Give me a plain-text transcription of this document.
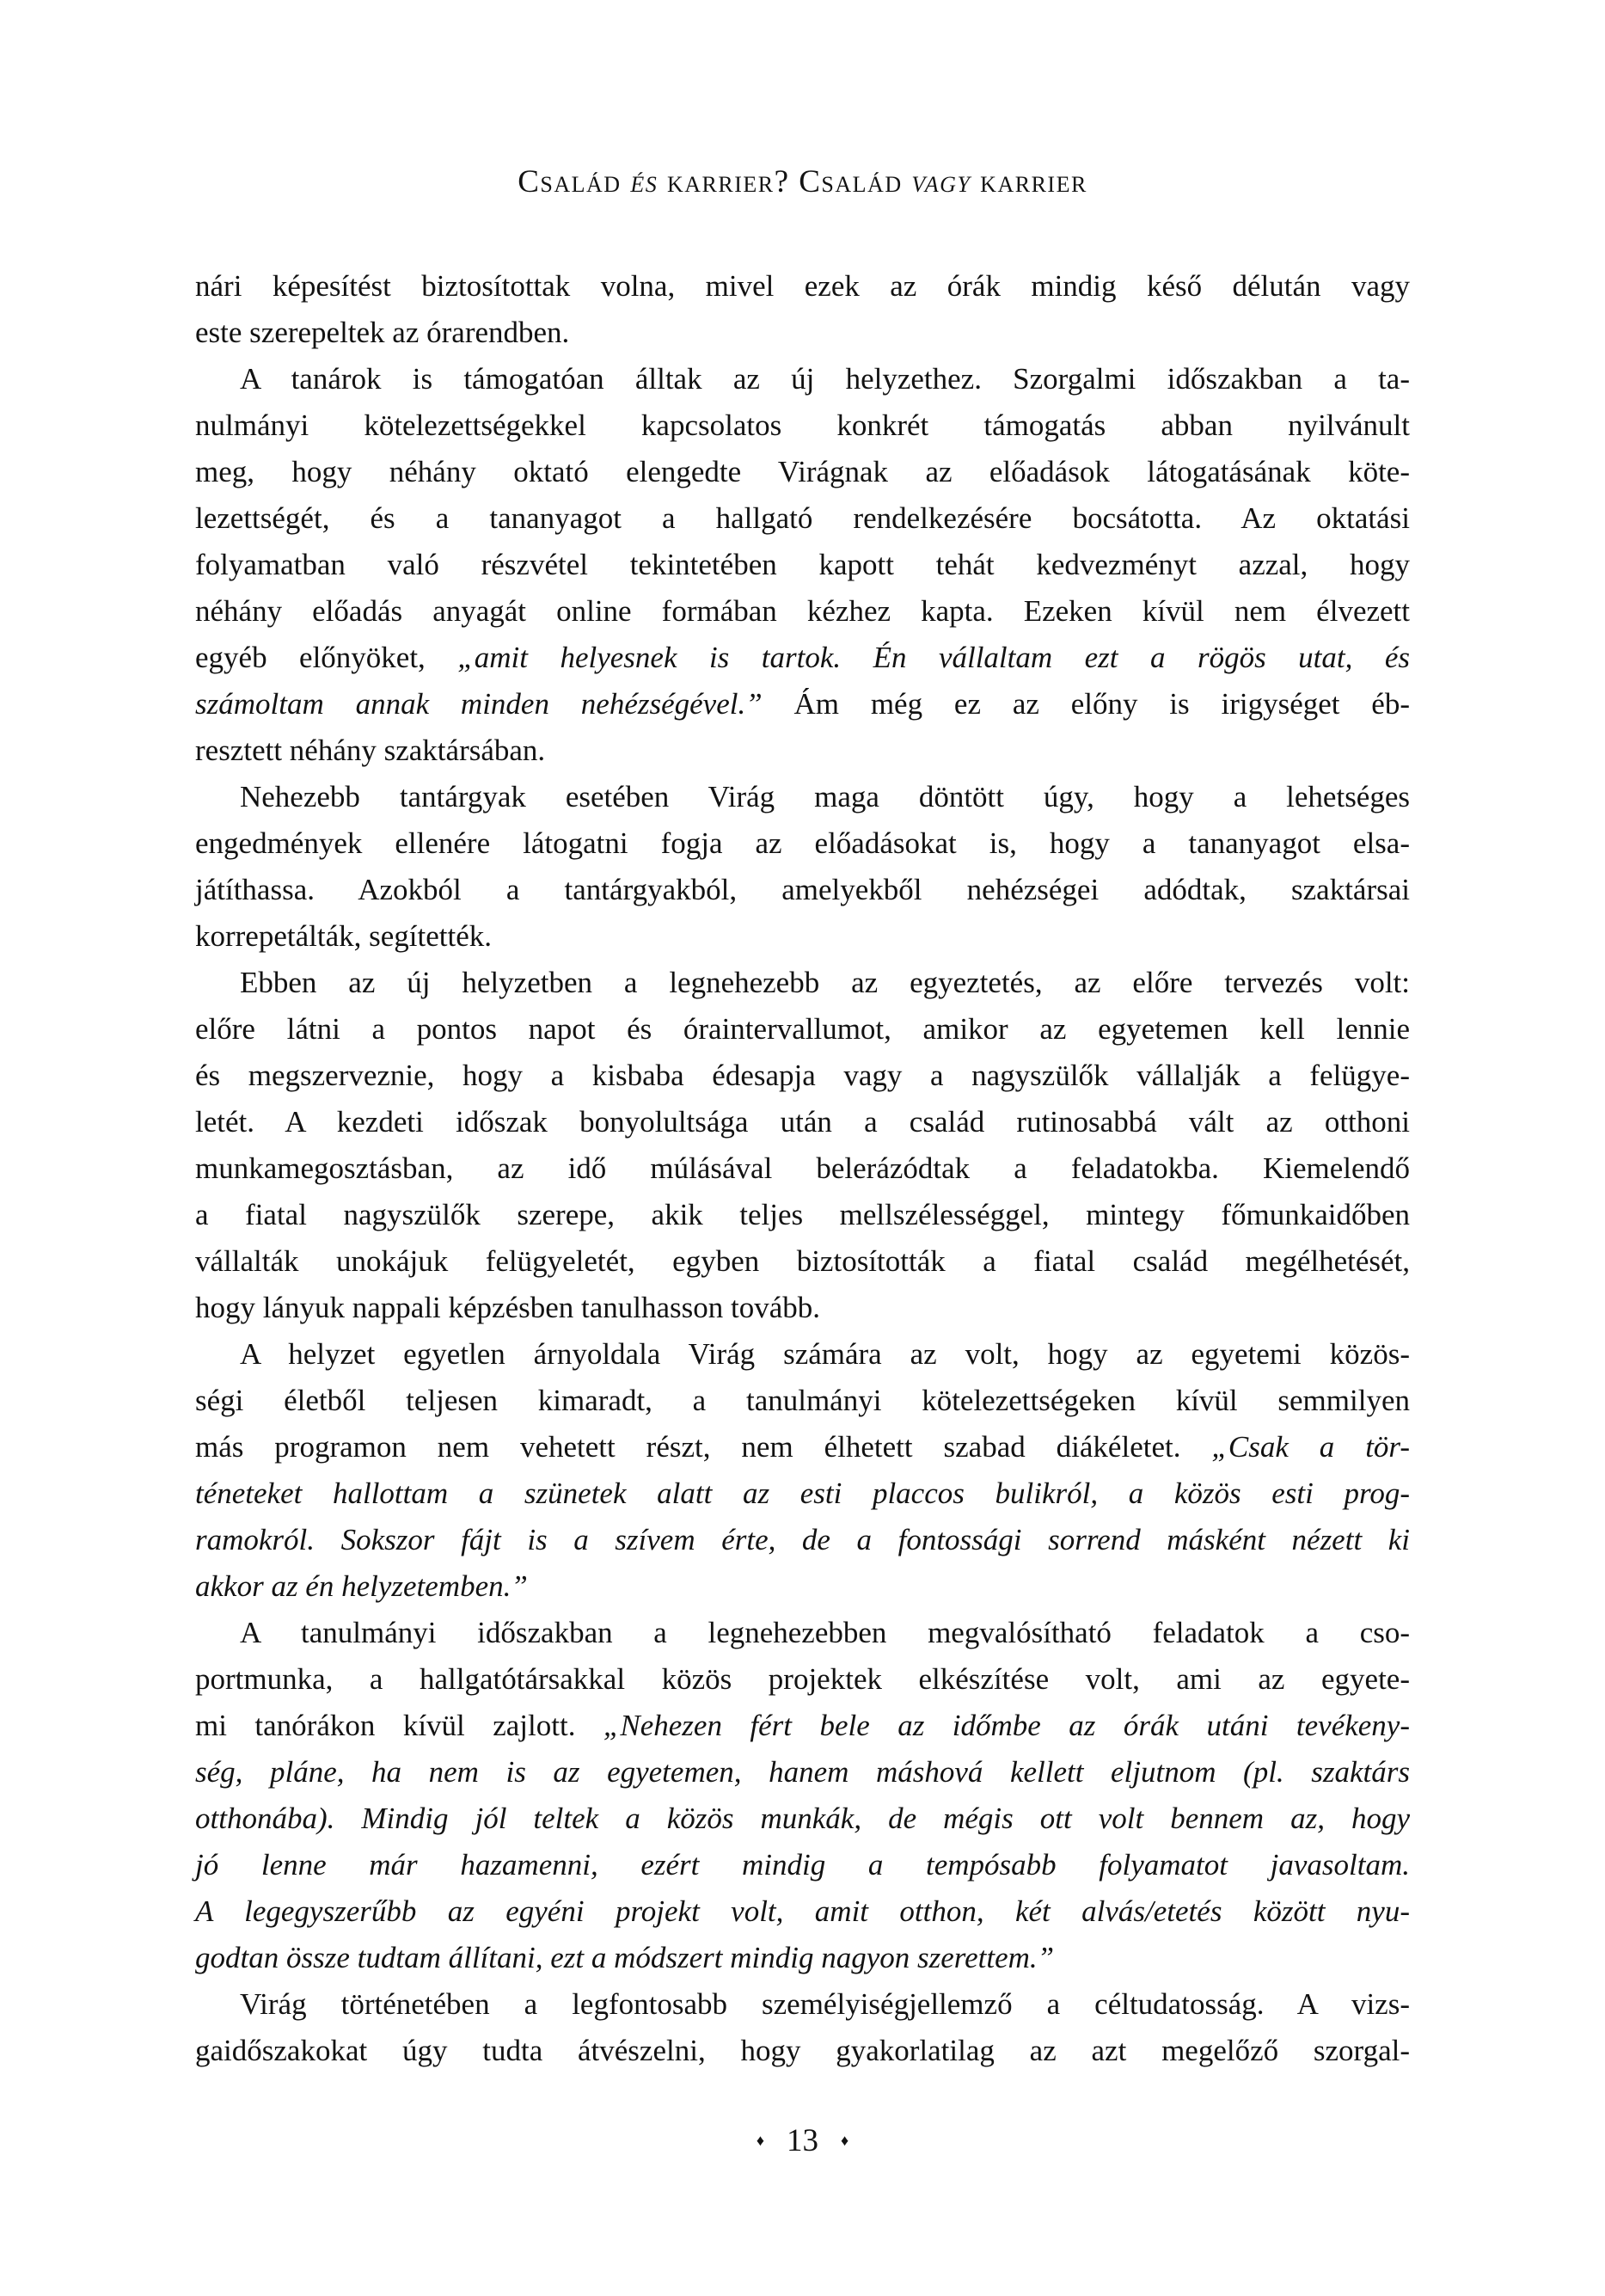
Család és karrier? Család vagy karrier
nári képesítést biztosítottak volna, mivel ezek az órák mindig késő délután vagy
este szerepeltek az órarendben.
A tanárok is támogatóan álltak az új helyzethez. Szorgalmi időszakban a ta-
nulmányi kötelezettségekkel kapcsolatos konkrét támogatás abban nyilvánult
meg, hogy néhány oktató elengedte Virágnak az előadások látogatásának köte-
lezettségét, és a tananyagot a hallgató rendelkezésére bocsátotta. Az oktatási
folyamatban való részvétel tekintetében kapott tehát kedvezményt azzal, hogy
néhány előadás anyagát online formában kézhez kapta. Ezeken kívül nem élvezett
egyéb előnyöket, „amit helyesnek is tartok. Én vállaltam ezt a rögös utat, és
számoltam annak minden nehézségével.” Ám még ez az előny is irigységet éb-
resztett néhány szaktársában.
Nehezebb tantárgyak esetében Virág maga döntött úgy, hogy a lehetséges
engedmények ellenére látogatni fogja az előadásokat is, hogy a tananyagot elsa-
játíthassa. Azokból a tantárgyakból, amelyekből nehézségei adódtak, szaktársai
korrepetálták, segítették.
Ebben az új helyzetben a legnehezebb az egyeztetés, az előre tervezés volt:
előre látni a pontos napot és óraintervallumot, amikor az egyetemen kell lennie
és megszerveznie, hogy a kisbaba édesapja vagy a nagyszülők vállalják a felügye-
letét. A kezdeti időszak bonyolultsága után a család rutinosabbá vált az otthoni
munkamegosztásban, az idő múlásával belerázódtak a feladatokba. Kiemelendő
a fiatal nagyszülők szerepe, akik teljes mellszélességgel, mintegy főmunkaidőben
vállalták unokájuk felügyeletét, egyben biztosították a fiatal család megélhetését,
hogy lányuk nappali képzésben tanulhasson tovább.
A helyzet egyetlen árnyoldala Virág számára az volt, hogy az egyetemi közös-
ségi életből teljesen kimaradt, a tanulmányi kötelezettségeken kívül semmilyen
más programon nem vehetett részt, nem élhetett szabad diákéletet. „Csak a tör-
téneteket hallottam a szünetek alatt az esti placcos bulikról, a közös esti prog-
ramokról. Sokszor fájt is a szívem érte, de a fontossági sorrend másként nézett ki
akkor az én helyzetemben.”
A tanulmányi időszakban a legnehezebben megvalósítható feladatok a cso-
portmunka, a hallgatótársakkal közös projektek elkészítése volt, ami az egyete-
mi tanórákon kívül zajlott. „Nehezen fért bele az időmbe az órák utáni tevékeny-
ség, pláne, ha nem is az egyetemen, hanem máshová kellett eljutnom (pl. szaktárs
otthonába). Mindig jól teltek a közös munkák, de mégis ott volt bennem az, hogy
jó lenne már hazamenni, ezért mindig a tempósabb folyamatot javasoltam.
A legegyszerűbb az egyéni projekt volt, amit otthon, két alvás/etetés között nyu-
godtan össze tudtam állítani, ezt a módszert mindig nagyon szerettem.”
Virág történetében a legfontosabb személyiségjellemző a céltudatosság. A vizs-
gaidőszakokat úgy tudta átvészelni, hogy gyakorlatilag az azt megelőző szorgal-
♦ 13 ♦
